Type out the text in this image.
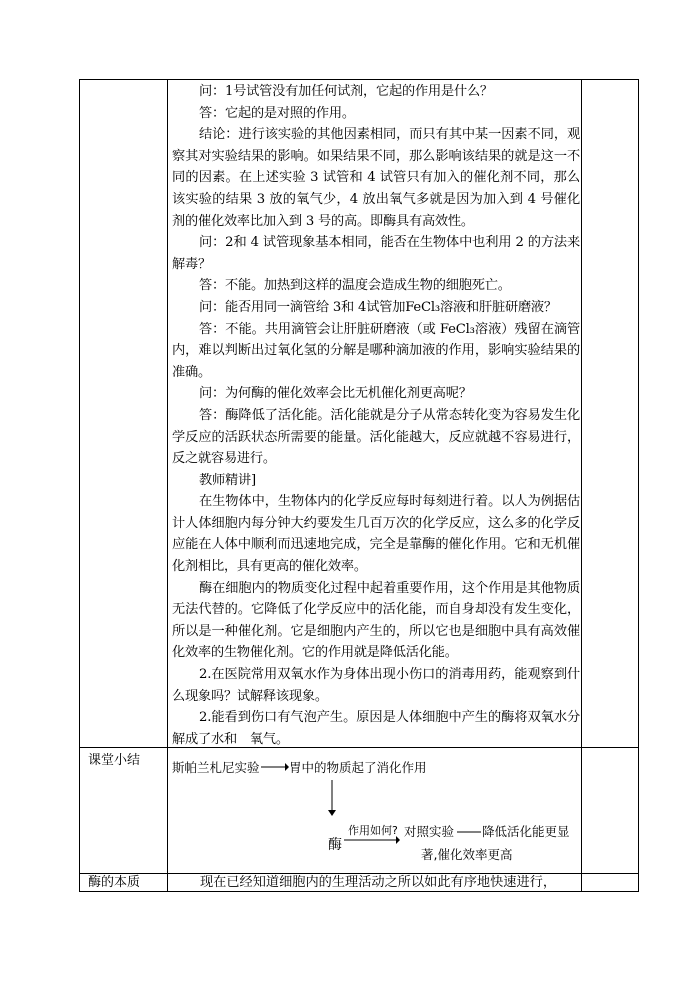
问：1号试管没有加任何试剂，它起的作用是什么？

答：它起的是对照的作用。

结论：进行该实验的其他因素相同，而只有其中某一因素不同，观察其对实验结果的影响。如果结果不同，那么影响该结果的就是这一不同的因素。在上述实验 3 试管和 4 试管只有加入的催化剂不同，那么该实验的结果 3 放的氧气少，4 放出氧气多就是因为加入到 4 号催化剂的催化效率比加入到 3 号的高。即酶具有高效性。

问：2和 4 试管现象基本相同，能否在生物体中也利用 2 的方法来解毒？

答：不能。加热到这样的温度会造成生物的细胞死亡。

问：能否用同一滴管给 3和 4试管加FeCl₃溶液和肝脏研磨液？

答：不能。共用滴管会让肝脏研磨液（或 FeCl₃溶液）残留在滴管内，难以判断出过氧化氢的分解是哪种滴加液的作用，影响实验结果的准确。

问：为何酶的催化效率会比无机催化剂更高呢？

答：酶降低了活化能。活化能就是分子从常态转化变为容易发生化学反应的活跃状态所需要的能量。活化能越大，反应就越不容易进行，反之就容易进行。

教师精讲]

在生物体中，生物体内的化学反应每时每刻进行着。以人为例据估计人体细胞内每分钟大约要发生几百万次的化学反应，这么多的化学反应能在人体中顺利而迅速地完成，完全是靠酶的催化作用。它和无机催化剂相比，具有更高的催化效率。

酶在细胞内的物质变化过程中起着重要作用，这个作用是其他物质无法代替的。它降低了化学反应中的活化能，而自身却没有发生变化，所以是一种催化剂。它是细胞内产生的，所以它也是细胞中具有高效催化效率的生物催化剂。它的作用就是降低活化能。

2.在医院常用双氧水作为身体出现小伤口的消毒用药，能观察到什么现象吗？试解释该现象。

2.能看到伤口有气泡产生。原因是人体细胞中产生的酶将双氧水分解成了水和　氧气。

课堂小结
酶的本质
斯帕兰札尼实验 胃中的物质起了消化作用
酶
作用如何? 对照实验 降低活化能更显
著,催化效率更高
现在已经知道细胞内的生理活动之所以如此有序地快速进行，
